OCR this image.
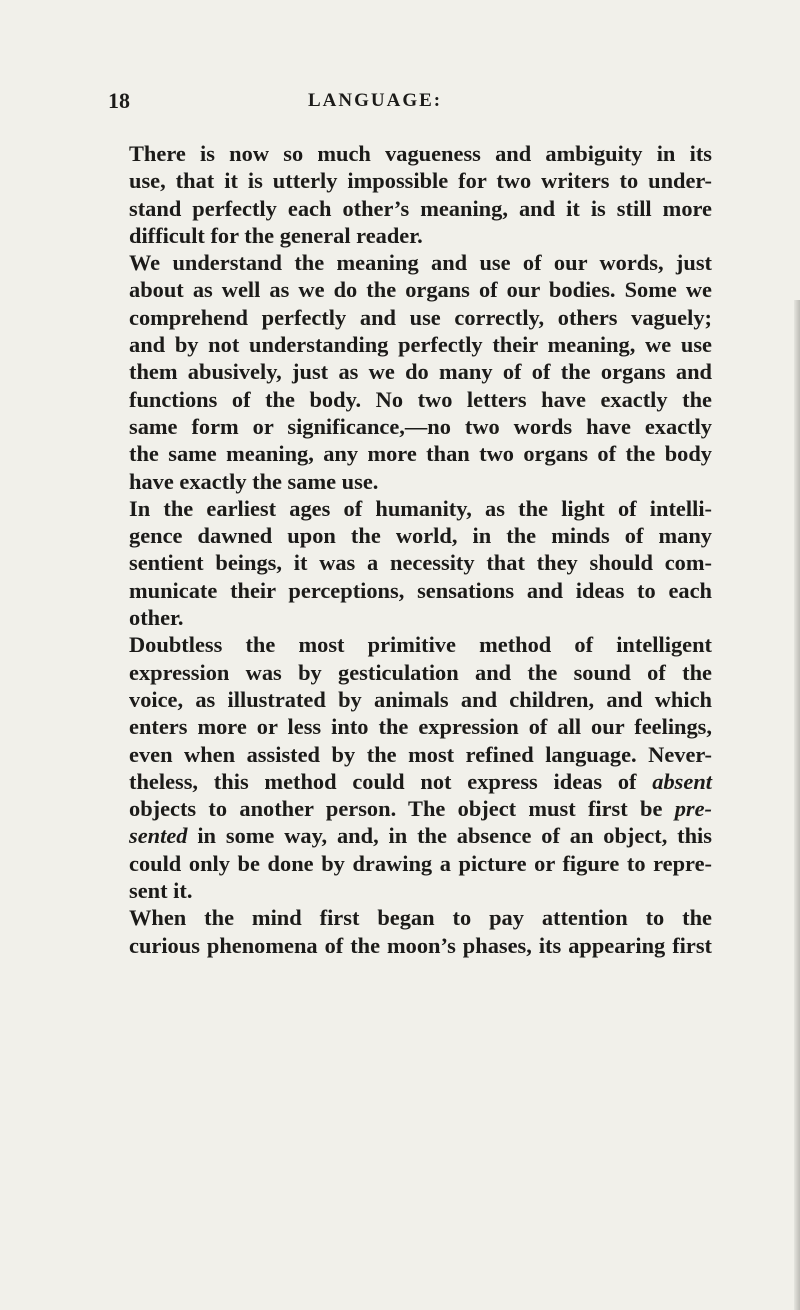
18	LANGUAGE:

There is now so much vagueness and ambiguity in its
use, that it is utterly impossible for two writers to under-
stand perfectly each other’s meaning, and it is still more
difficult for the general reader.

We understand the meaning and use of our words, just
about as well as we do the organs of our bodies. Some we
comprehend perfectly and use correctly, others vaguely;
and by not understanding perfectly their meaning, we use
them abusively, just as we do many of of the organs and
functions of the body. No two letters have exactly the
same form or significance,—no two words have exactly
the same meaning, any more than two organs of the body
have exactly the same use.

In the earliest ages of humanity, as the light of intelli-
gence dawned upon the world, in the minds of many
sentient beings, it was a necessity that they should com-
municate their perceptions, sensations and ideas to each
other.

Doubtless the most primitive method of intelligent
expression was by gesticulation and the sound of the
voice, as illustrated by animals and children, and which
enters more or less into the expression of all our feelings,
even when assisted by the most refined language. Never-
theless, this method could not express ideas of absent
objects to another person. The object must first be pre-
sented in some way, and, in the absence of an object, this
could only be done by drawing a picture or figure to repre-
sent it.

When the mind first began to pay attention to the
curious phenomena of the moon’s phases, its appearing first
